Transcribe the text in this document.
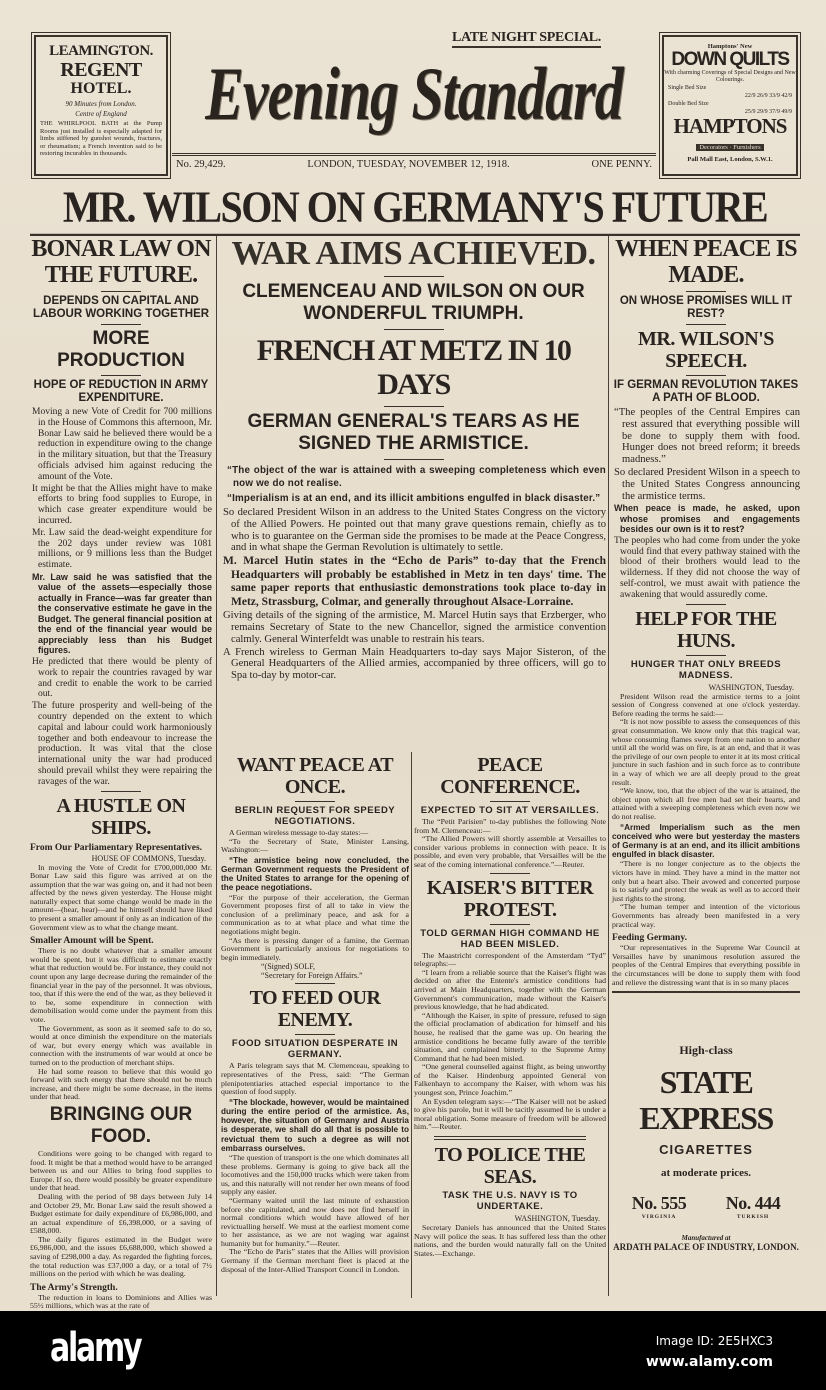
LEAMINGTON.
REGENT
HOTEL.
90 Minutes from London.
Centre of England
THE WHIRLPOOL BATH at the Pump Rooms just installed is especially adapted for limbs stiffened by gunshot wounds, fractures, or rheumatism; a French invention said to be restoring incurables in thousands.
LATE NIGHT SPECIAL.
Evening Standard
No. 29,429.	LONDON, TUESDAY, NOVEMBER 12, 1918.	ONE PENNY.
Hamptons' New
DOWN QUILTS
With charming Coverings of Special Designs and New Colourings.
Single Bed Size
22/9 26/9 33/9 42/9
Double Bed Size
25/9 29/9 37/9 49/9
HAMPTONS
Decorators · Furnishers
Pall Mall East, London, S.W.1.
MR. WILSON ON GERMANY'S FUTURE
BONAR LAW ON THE FUTURE.
DEPENDS ON CAPITAL AND LABOUR WORKING TOGETHER
MORE PRODUCTION
HOPE OF REDUCTION IN ARMY EXPENDITURE.
Moving a new Vote of Credit for 700 millions in the House of Commons this afternoon, Mr. Bonar Law said he believed there would be a reduction in expenditure owing to the change in the military situation, but that the Treasury officials advised him against reducing the amount of the Vote.
It might be that the Allies might have to make efforts to bring food supplies to Europe, in which case greater expenditure would be incurred.
Mr. Law said the dead-weight expenditure for the 202 days under review was 1081 millions, or 9 millions less than the Budget estimate.
Mr. Law said he was satisfied that the value of the assets—especially those actually in France—was far greater than the conservative estimate he gave in the Budget. The general financial position at the end of the financial year would be appreciably less than his Budget figures.
He predicted that there would be plenty of work to repair the countries ravaged by war and credit to enable the work to be carried out.
The future prosperity and well-being of the country depended on the extent to which capital and labour could work harmoniously together and both endeavour to increase the production. It was vital that the close international unity the war had produced should prevail whilst they were repairing the ravages of the war.
A HUSTLE ON SHIPS.
From Our Parliamentary Representatives.
HOUSE OF COMMONS, Tuesday.
In moving the Vote of Credit for £700,000,000 Mr. Bonar Law said this figure was arrived at on the assumption that the war was going on, and it had not been affected by the news given yesterday. The House might naturally expect that some change would be made in the amount—(hear, hear)—and he himself should have liked to present a smaller amount if only as an indication of the Government view as to what the change meant.
Smaller Amount will be Spent.
There is no doubt whatever that a smaller amount would be spent, but it was difficult to estimate exactly what that reduction would be. For instance, they could not count upon any large decrease during the remainder of the financial year in the pay of the personnel. It was obvious, too, that if this were the end of the war, as they believed it to be, some expenditure in connection with demobilisation would come under the payment from this vote.
The Government, as soon as it seemed safe to do so, would at once diminish the expenditure on the materials of war, but every energy which was available in connection with the instruments of war would at once be turned on to the production of merchant ships.
He had some reason to believe that this would go forward with such energy that there should not be much increase, and there might be some decrease, in the items under that head.
BRINGING OUR FOOD.
Conditions were going to be changed with regard to food. It might be that a method would have to be arranged between us and our Allies to bring food supplies to Europe. If so, there would possibly be greater expenditure under that head.
Dealing with the period of 98 days between July 14 and October 29, Mr. Bonar Law said the result showed a Budget estimate for daily expenditure of £6,986,000, and an actual expenditure of £6,398,000, or a saving of £588,000.
The daily figures estimated in the Budget were £6,986,000, and the issues £6,688,000, which showed a saving of £298,000 a day. As regarded the fighting forces, the total reduction was £37,000 a day, or a total of 7½ millions on the period with which he was dealing.
The Army's Strength.
The reduction in loans to Dominions and Allies was 55½ millions, which was at the rate of
WAR AIMS ACHIEVED.
CLEMENCEAU AND WILSON ON OUR WONDERFUL TRIUMPH.
FRENCH AT METZ IN 10 DAYS
GERMAN GENERAL'S TEARS AS HE SIGNED THE ARMISTICE.
“The object of the war is attained with a sweeping completeness which even now we do not realise.
“Imperialism is at an end, and its illicit ambitions engulfed in black disaster.”
So declared President Wilson in an address to the United States Congress on the victory of the Allied Powers. He pointed out that many grave questions remain, chiefly as to who is to guarantee on the German side the promises to be made at the Peace Congress, and in what shape the German Revolution is ultimately to settle.
M. Marcel Hutin states in the “Echo de Paris” to-day that the French Headquarters will probably be established in Metz in ten days' time. The same paper reports that enthusiastic demonstrations took place to-day in Metz, Strassburg, Colmar, and generally throughout Alsace-Lorraine.
Giving details of the signing of the armistice, M. Marcel Hutin says that Erzberger, who remains Secretary of State to the new Chancellor, signed the armistice convention calmly. General Winterfeldt was unable to restrain his tears.
A French wireless to German Main Headquarters to-day says Major Sisteron, of the General Headquarters of the Allied armies, accompanied by three officers, will go to Spa to-day by motor-car.
WANT PEACE AT ONCE.
BERLIN REQUEST FOR SPEEDY NEGOTIATIONS.
A German wireless message to-day states:—
“To the Secretary of State, Minister Lansing, Washington:—
“The armistice being now concluded, the German Government requests the President of the United States to arrange for the opening of the peace negotiations.
“For the purpose of their acceleration, the German Government proposes first of all to take in view the conclusion of a preliminary peace, and ask for a communication as to at what place and what time the negotiations might begin.
“As there is pressing danger of a famine, the German Government is particularly anxious for negotiations to begin immediately.
“(Signed) SOLF,
“Secretary for Foreign Affairs.”
TO FEED OUR ENEMY.
FOOD SITUATION DESPERATE IN GERMANY.
A Paris telegram says that M. Clemenceau, speaking to representatives of the Press, said: “The German plenipotentiaries attached especial importance to the question of food supply.
“The blockade, however, would be maintained during the entire period of the armistice. As, however, the situation of Germany and Austria is desperate, we shall do all that is possible to revictual them to such a degree as will not embarrass ourselves.
“The question of transport is the one which dominates all these problems. Germany is going to give back all the locomotives and the 150,000 trucks which were taken from us, and this naturally will not render her own means of food supply any easier.
“Germany waited until the last minute of exhaustion before she capitulated, and now does not find herself in normal conditions which would have allowed of her revictualling herself. We must at the earliest moment come to her assistance, as we are not waging war against humanity but for humanity.”—Reuter.
The “Echo de Paris” states that the Allies will provision Germany if the German merchant fleet is placed at the disposal of the Inter-Allied Transport Council in London.
PEACE CONFERENCE.
EXPECTED TO SIT AT VERSAILLES.
The “Petit Parisien” to-day publishes the following Note from M. Clemenceau:—
“The Allied Powers will shortly assemble at Versailles to consider various problems in connection with peace. It is possible, and even very probable, that Versailles will be the seat of the coming international conference.”—Reuter.
KAISER'S BITTER PROTEST.
TOLD GERMAN HIGH COMMAND HE HAD BEEN MISLED.
The Maastricht correspondent of the Amsterdam “Tyd” telegraphs:—
“I learn from a reliable source that the Kaiser's flight was decided on after the Entente's armistice conditions had arrived at Main Headquarters, together with the German Government's communication, made without the Kaiser's previous knowledge, that he had abdicated.
“Although the Kaiser, in spite of pressure, refused to sign the official proclamation of abdication for himself and his house, he realised that the game was up. On hearing the armistice conditions he became fully aware of the terrible situation, and complained bitterly to the Supreme Army Command that he had been misled.
“One general counselled against flight, as being unworthy of the Kaiser. Hindenburg appointed General von Falkenhayn to accompany the Kaiser, with whom was his youngest son, Prince Joachim.”
An Eysden telegram says:—“The Kaiser will not be asked to give his parole, but it will be tacitly assumed he is under a moral obligation. Some measure of freedom will be allowed him.”—Reuter.
TO POLICE THE SEAS.
TASK THE U.S. NAVY IS TO UNDERTAKE.
WASHINGTON, Tuesday.
Secretary Daniels has announced that the United States Navy will police the seas. It has suffered less than the other nations, and the burden would naturally fall on the United States.—Exchange.
WHEN PEACE IS MADE.
ON WHOSE PROMISES WILL IT REST?
MR. WILSON'S SPEECH.
IF GERMAN REVOLUTION TAKES A PATH OF BLOOD.
“The peoples of the Central Empires can rest assured that everything possible will be done to supply them with food. Hunger does not breed reform; it breeds madness.”
So declared President Wilson in a speech to the United States Congress announcing the armistice terms.
When peace is made, he asked, upon whose promises and engagements besides our own is it to rest?
The peoples who had come from under the yoke would find that every pathway stained with the blood of their brothers would lead to the wilderness. If they did not choose the way of self-control, we must await with patience the awakening that would assuredly come.
HELP FOR THE HUNS.
HUNGER THAT ONLY BREEDS MADNESS.
WASHINGTON, Tuesday.
President Wilson read the armistice terms to a joint session of Congress convened at one o'clock yesterday. Before reading the terms he said:—
“It is not now possible to assess the consequences of this great consummation. We know only that this tragical war, whose consuming flames swept from one nation to another until all the world was on fire, is at an end, and that it was the privilege of our own people to enter it at its most critical juncture in such fashion and in such force as to contribute in a way of which we are all deeply proud to the great result.
“We know, too, that the object of the war is attained, the object upon which all free men had set their hearts, and attained with a sweeping completeness which even now we do not realise.
“Armed Imperialism such as the men conceived who were but yesterday the masters of Germany is at an end, and its illicit ambitions engulfed in black disaster.
“There is no longer conjecture as to the objects the victors have in mind. They have a mind in the matter not only but a heart also. Their avowed and concerted purpose is to satisfy and protect the weak as well as to accord their just rights to the strong.
“The human temper and intention of the victorious Governments has already been manifested in a very practical way.
Feeding Germany.
“Our representatives in the Supreme War Council at Versailles have by unanimous resolution assured the peoples of the Central Empires that everything possible in the circumstances will be done to supply them with food and relieve the distressing want that is in so many places
High-class
STATE EXPRESS
CIGARETTES
at moderate prices.
No. 555
VIRGINIA
No. 444
TURKISH
Manufactured at
ARDATH PALACE OF INDUSTRY, LONDON.
alamy	Image ID: 2E5HXC3
www.alamy.com
